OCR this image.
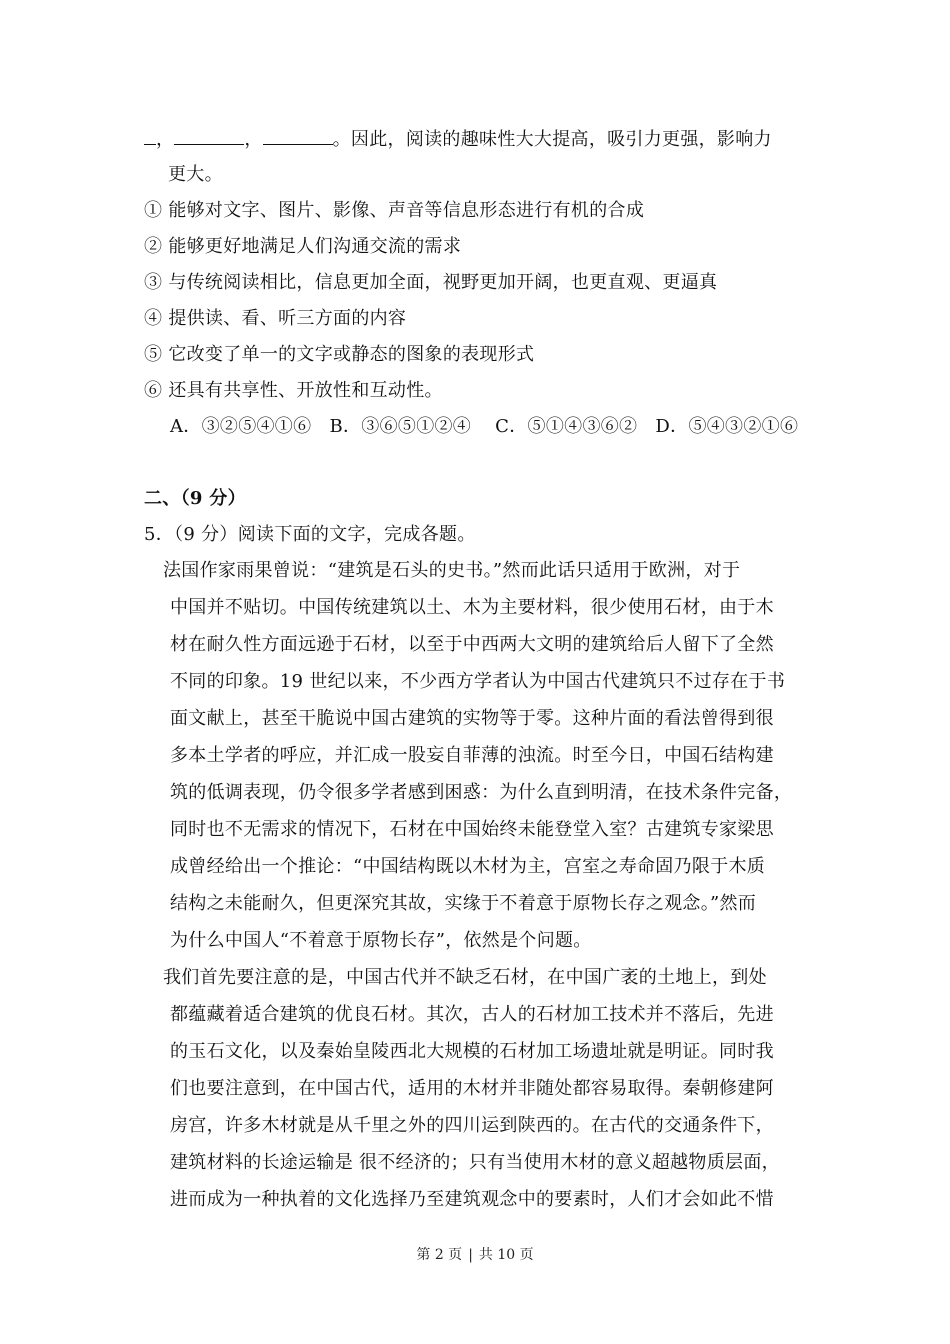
，	，	。因此，阅读的趣味性大大提高，吸引力更强，影响力
更大。
① 能够对文字、图片、影像、声音等信息形态进行有机的合成
② 能够更好地满足人们沟通交流的需求
③ 与传统阅读相比，信息更加全面，视野更加开阔，也更直观、更逼真
④ 提供读、看、听三方面的内容
⑤ 它改变了单一的文字或静态的图象的表现形式
⑥ 还具有共享性、开放性和互动性。
A．③②⑤④①⑥   B．③⑥⑤①②④    C．⑤①④③⑥②   D．⑤④③②①⑥
二、（9 分）
5．（9 分）阅读下面的文字，完成各题。
法国作家雨果曾说：“建筑是石头的史书。”然而此话只适用于欧洲，对于
中国并不贴切。中国传统建筑以土、木为主要材料，很少使用石材，由于木
材在耐久性方面远逊于石材，以至于中西两大文明的建筑给后人留下了全然
不同的印象。19 世纪以来，不少西方学者认为中国古代建筑只不过存在于书
面文献上，甚至干脆说中国古建筑的实物等于零。这种片面的看法曾得到很
多本土学者的呼应，并汇成一股妄自菲薄的浊流。时至今日，中国石结构建
筑的低调表现，仍令很多学者感到困惑：为什么直到明清，在技术条件完备，
同时也不无需求的情况下，石材在中国始终未能登堂入室？古建筑专家梁思
成曾经给出一个推论：“中国结构既以木材为主，宫室之寿命固乃限于木质
结构之未能耐久，但更深究其故，实缘于不着意于原物长存之观念。”然而
为什么中国人“不着意于原物长存”，依然是个问题。
我们首先要注意的是，中国古代并不缺乏石材，在中国广袤的土地上，到处
都蕴藏着适合建筑的优良石材。其次，古人的石材加工技术并不落后，先进
的玉石文化，以及秦始皇陵西北大规模的石材加工场遗址就是明证。同时我
们也要注意到，在中国古代，适用的木材并非随处都容易取得。秦朝修建阿
房宫，许多木材就是从千里之外的四川运到陕西的。在古代的交通条件下，
建筑材料的长途运输是 很不经济的；只有当使用木材的意义超越物质层面，
进而成为一种执着的文化选择乃至建筑观念中的要素时，人们才会如此不惜
第 2 页 | 共 10 页
